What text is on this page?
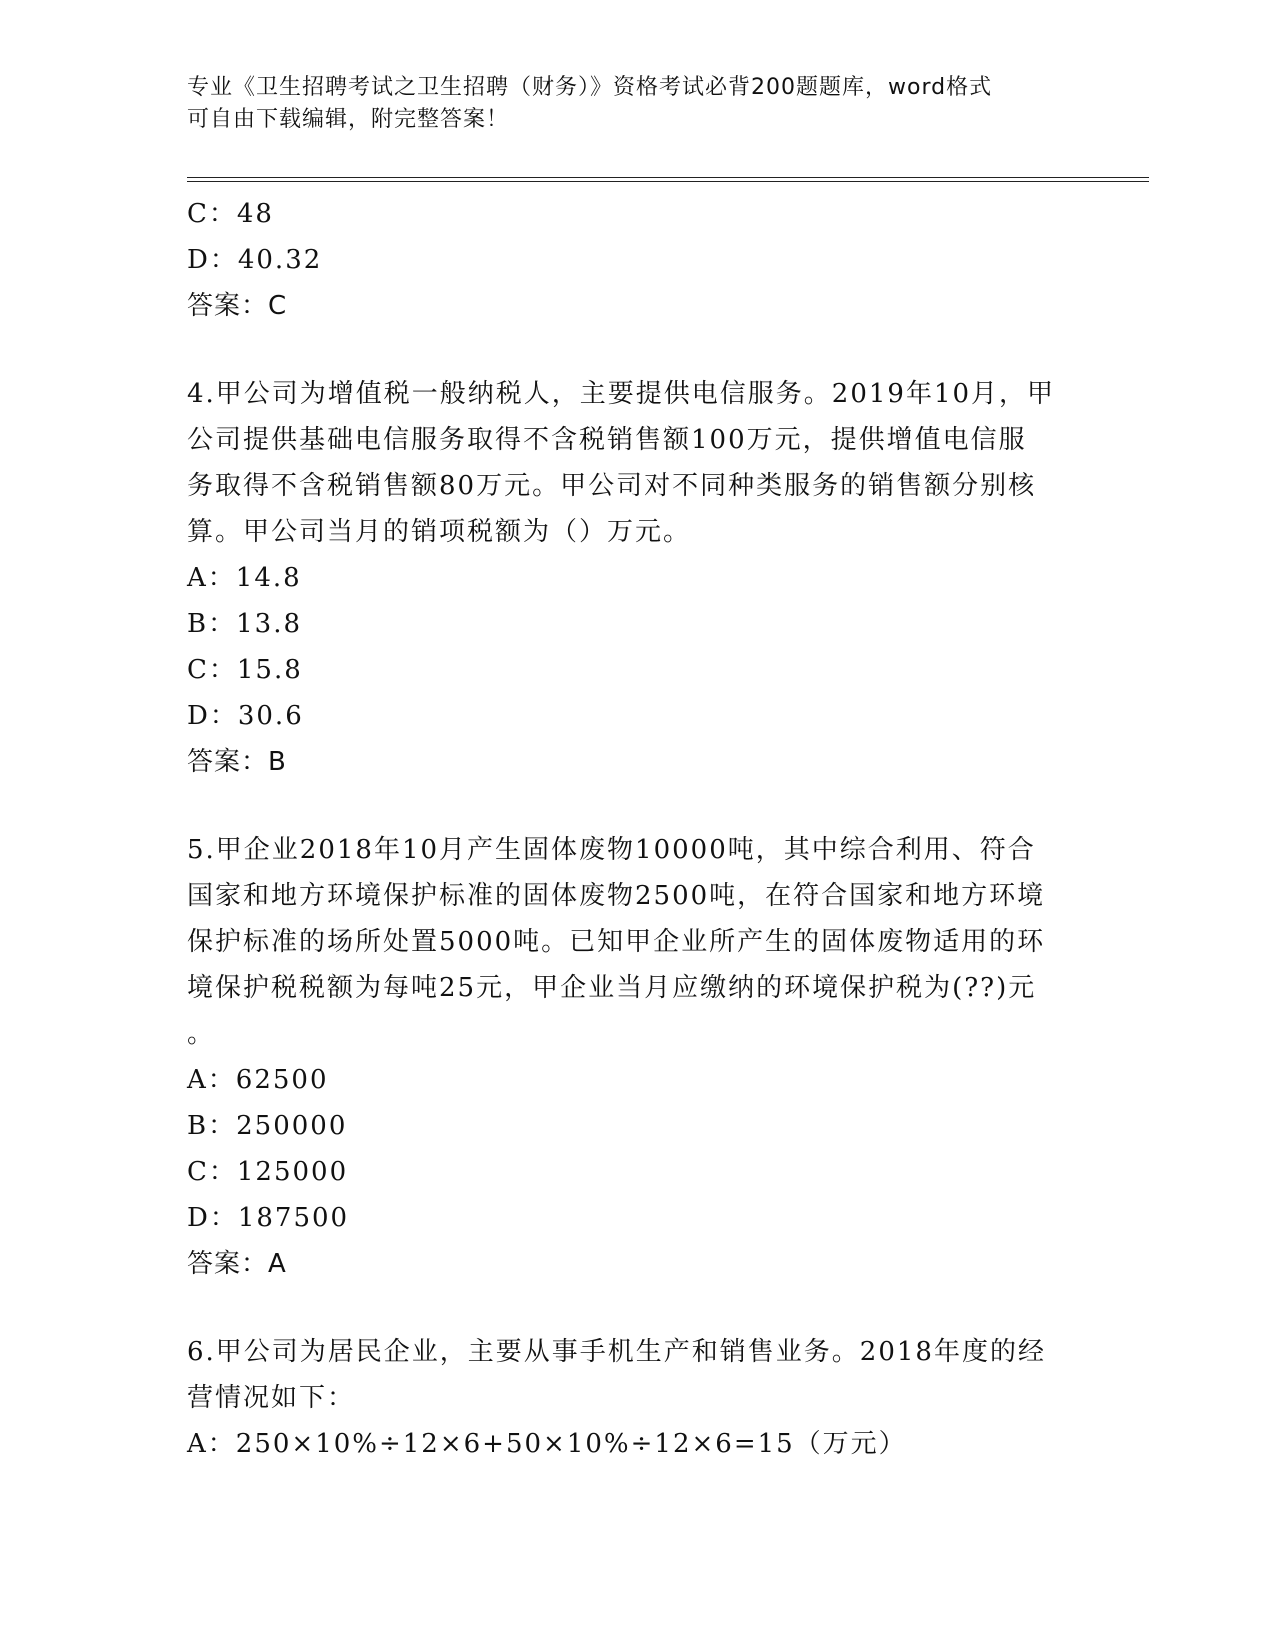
专业《卫生招聘考试之卫生招聘（财务）》资格考试必背200题题库，word格式
可自由下载编辑，附完整答案！
C：48
D：40.32
答案：C
4.甲公司为增值税一般纳税人，主要提供电信服务。2019年10月，甲
公司提供基础电信服务取得不含税销售额100万元，提供增值电信服
务取得不含税销售额80万元。甲公司对不同种类服务的销售额分别核
算。甲公司当月的销项税额为（）万元。
A：14.8
B：13.8
C：15.8
D：30.6
答案：B
5.甲企业2018年10月产生固体废物10000吨，其中综合利用、符合
国家和地方环境保护标准的固体废物2500吨，在符合国家和地方环境
保护标准的场所处置5000吨。已知甲企业所产生的固体废物适用的环
境保护税税额为每吨25元，甲企业当月应缴纳的环境保护税为(??)元
。
A：62500
B：250000
C：125000
D：187500
答案：A
6.甲公司为居民企业，主要从事手机生产和销售业务。2018年度的经
营情况如下：
A：250×10%÷12×6+50×10%÷12×6=15（万元）
